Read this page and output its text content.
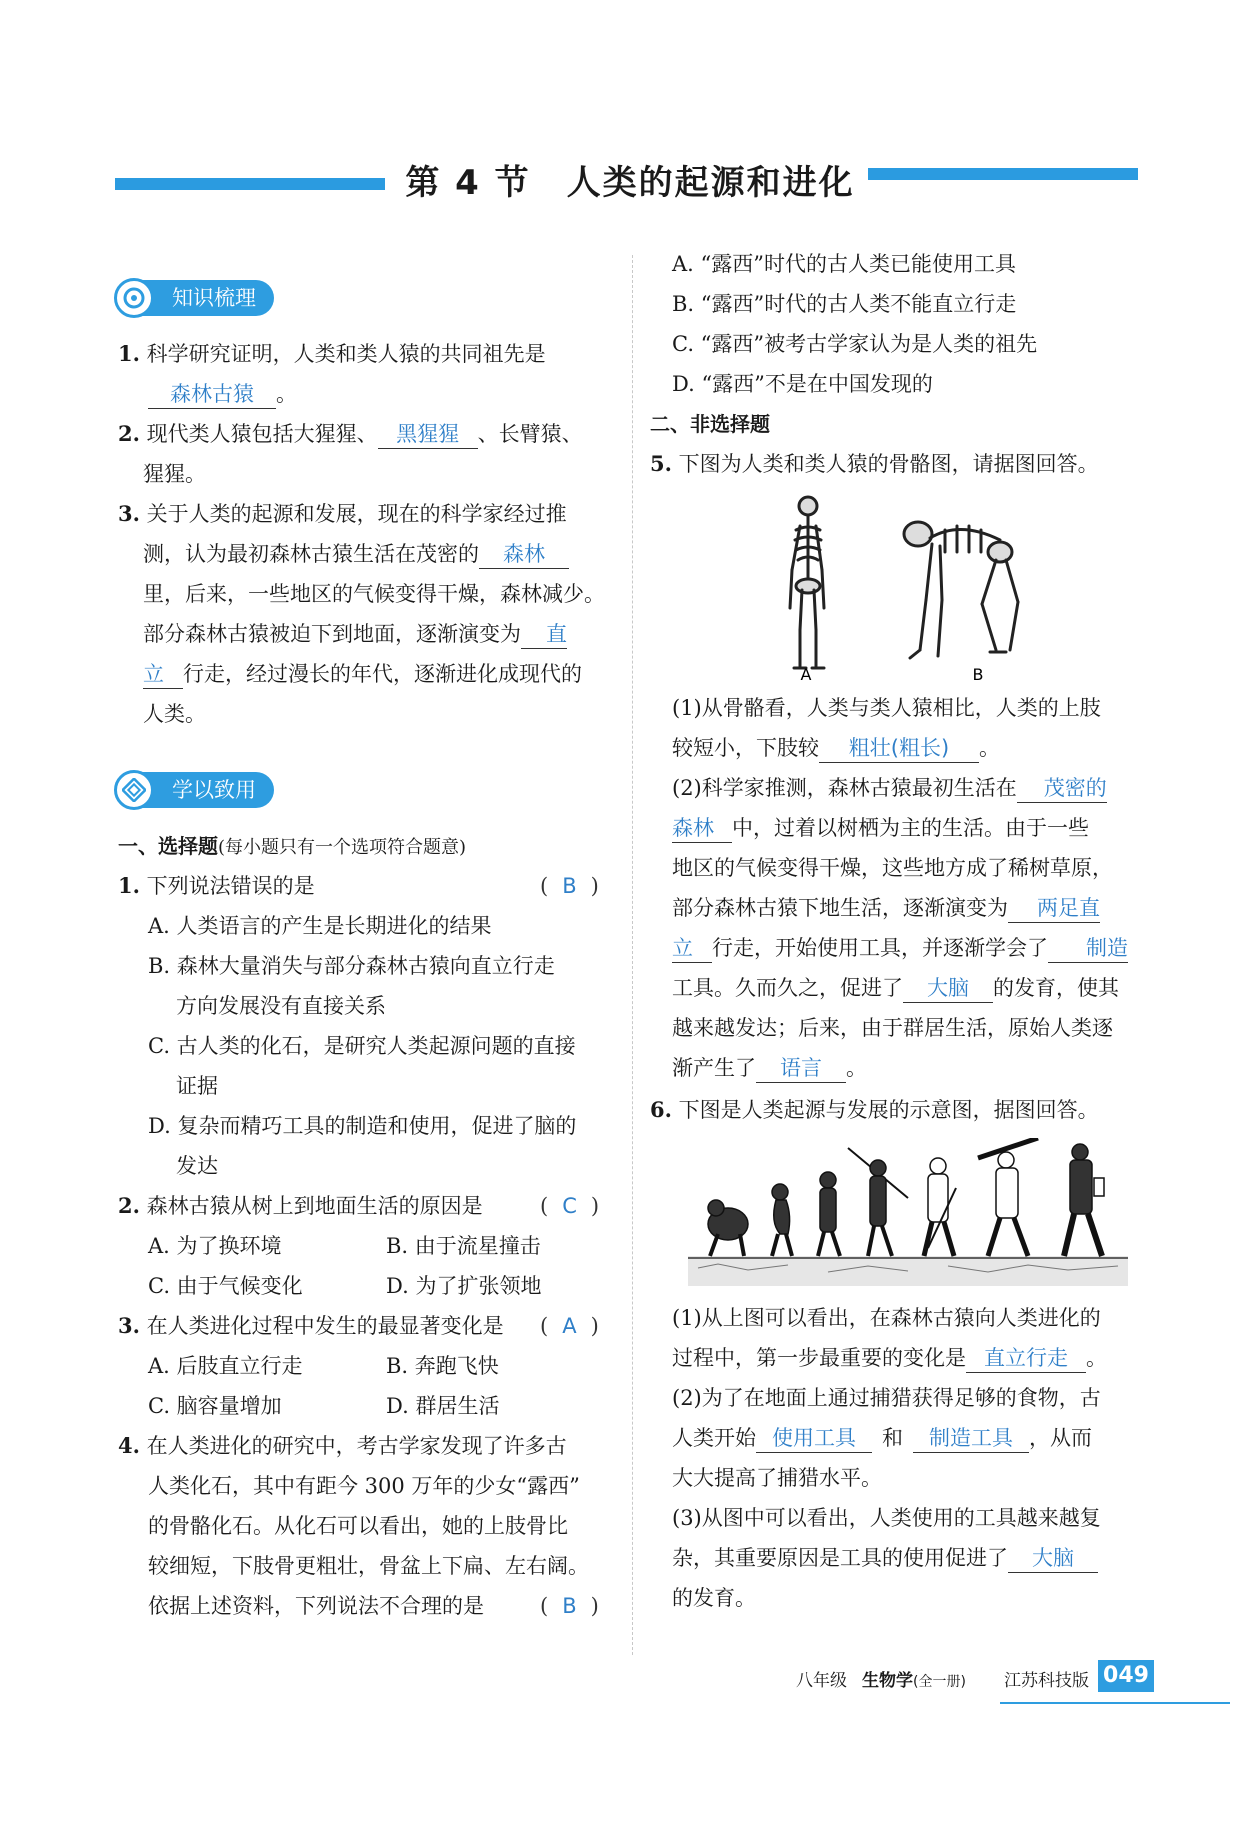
第 4 节 人类的起源和进化
知识梳理
1. 科学研究证明，人类和类人猿的共同祖先是
森林古猿 。
2. 现代类人猿包括大猩猩、 黑猩猩 、长臂猿、
猩猩。
3. 关于人类的起源和发展，现在的科学家经过推
测，认为最初森林古猿生活在茂密的 森林
里，后来，一些地区的气候变得干燥，森林减少。
部分森林古猿被迫下到地面，逐渐演变为 直
立 行走，经过漫长的年代，逐渐进化成现代的
人类。
学以致用
一、选择题(每小题只有一个选项符合题意)
1. 下列说法错误的是	( B )
A. 人类语言的产生是长期进化的结果
B. 森林大量消失与部分森林古猿向直立行走
方向发展没有直接关系
C. 古人类的化石，是研究人类起源问题的直接
证据
D. 复杂而精巧工具的制造和使用，促进了脑的
发达
2. 森林古猿从树上到地面生活的原因是	( C )
A. 为了换环境	B. 由于流星撞击
C. 由于气候变化	D. 为了扩张领地
3. 在人类进化过程中发生的最显著变化是 ( A )
A. 后肢直立行走	B. 奔跑飞快
C. 脑容量增加	D. 群居生活
4. 在人类进化的研究中，考古学家发现了许多古
人类化石，其中有距今 300 万年的少女“露西”
的骨骼化石。从化石可以看出，她的上肢骨比
较细短，下肢骨更粗壮，骨盆上下扁、左右阔。
依据上述资料，下列说法不合理的是	( B )
A. “露西”时代的古人类已能使用工具
B. “露西”时代的古人类不能直立行走
C. “露西”被考古学家认为是人类的祖先
D. “露西”不是在中国发现的
二、非选择题
5. 下图为人类和类人猿的骨骼图，请据图回答。
A	B
(1)从骨骼看，人类与类人猿相比，人类的上肢
较短小，下肢较 粗壮(粗长) 。
(2)科学家推测，森林古猿最初生活在 茂密的
森林 中，过着以树栖为主的生活。由于一些
地区的气候变得干燥，这些地方成了稀树草原，
部分森林古猿下地生活，逐渐演变为 两足直
立 行走，开始使用工具，并逐渐学会了 制造
工具。久而久之，促进了 大脑 的发育，使其
越来越发达；后来，由于群居生活，原始人类逐
渐产生了 语言 。
6. 下图是人类起源与发展的示意图，据图回答。
(1)从上图可以看出，在森林古猿向人类进化的
过程中，第一步最重要的变化是 直立行走 。
(2)为了在地面上通过捕猎获得足够的食物，古
人类开始 使用工具 和 制造工具 ，从而
大大提高了捕猎水平。
(3)从图中可以看出，人类使用的工具越来越复
杂，其重要原因是工具的使用促进了 大脑
的发育。
八年级 生物学(全一册) 江苏科技版 049
